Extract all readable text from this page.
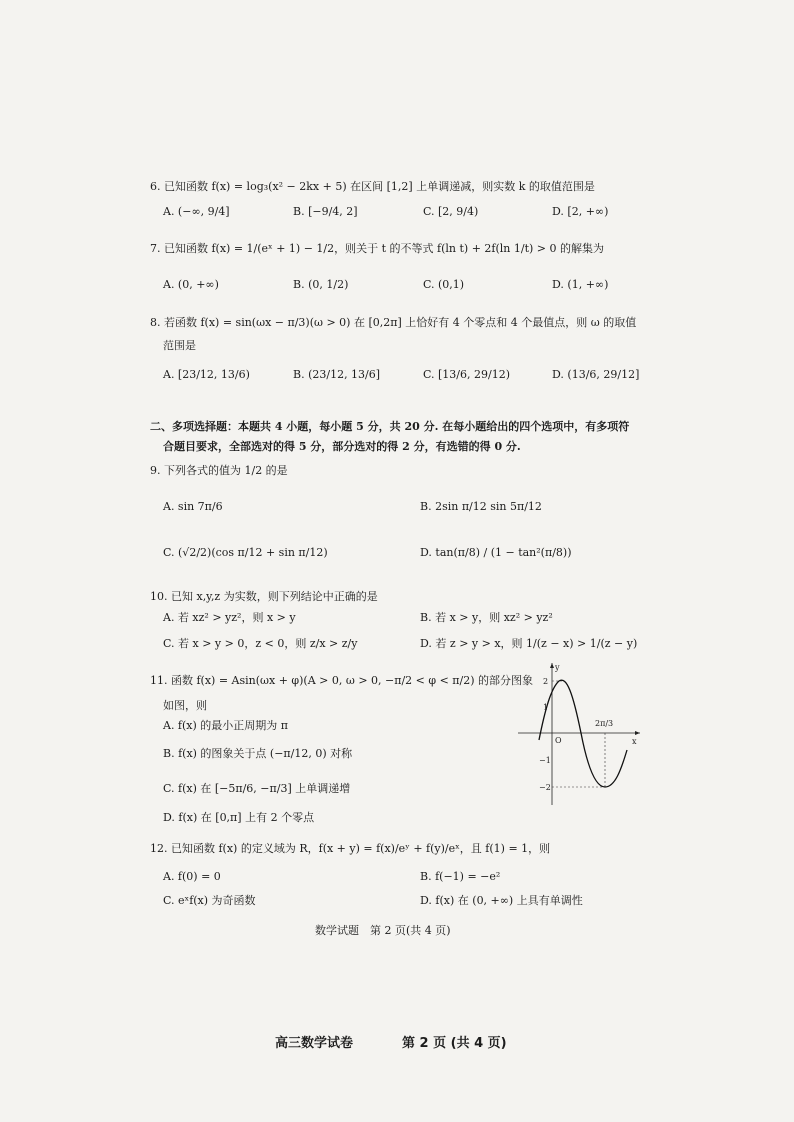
6. 已知函数 f(x) = log₃(x² − 2kx + 5) 在区间 [1,2] 上单调递减，则实数 k 的取值范围是
A. (−∞, 9/4]	B. [−9/4, 2]	C. [2, 9/4)	D. [2, +∞)
7. 已知函数 f(x) = 1/(eˣ + 1) − 1/2，则关于 t 的不等式 f(ln t) + 2f(ln 1/t) > 0 的解集为
A. (0, +∞)	B. (0, 1/2)	C. (0,1)	D. (1, +∞)
8. 若函数 f(x) = sin(ωx − π/3)(ω > 0) 在 [0,2π] 上恰好有 4 个零点和 4 个最值点，则 ω 的取值
范围是
A. [23/12, 13/6)	B. (23/12, 13/6]	C. [13/6, 29/12)	D. (13/6, 29/12]
二、多项选择题：本题共 4 小题，每小题 5 分，共 20 分. 在每小题给出的四个选项中，有多项符
合题目要求，全部选对的得 5 分，部分选对的得 2 分，有选错的得 0 分.
9. 下列各式的值为 1/2 的是
A. sin 7π/6	B. 2sin π/12 sin 5π/12
C. (√2/2)(cos π/12 + sin π/12)	D. tan(π/8) / (1 − tan²(π/8))
10. 已知 x,y,z 为实数，则下列结论中正确的是
A. 若 xz² > yz²，则 x > y	B. 若 x > y，则 xz² > yz²
C. 若 x > y > 0，z < 0，则 z/x > z/y	D. 若 z > y > x，则 1/(z − x) > 1/(z − y)
11. 函数 f(x) = Asin(ωx + φ)(A > 0, ω > 0, −π/2 < φ < π/2) 的部分图象
如图，则
A. f(x) 的最小正周期为 π
B. f(x) 的图象关于点 (−π/12, 0) 对称
C. f(x) 在 [−5π/6, −π/3] 上单调递增
D. f(x) 在 [0,π] 上有 2 个零点
y
x
O
2
1
−1
−2
2π/3
12. 已知函数 f(x) 的定义域为 R，f(x + y) = f(x)/eʸ + f(y)/eˣ，且 f(1) = 1，则
A. f(0) = 0	B. f(−1) = −e²
C. eˣf(x) 为奇函数	D. f(x) 在 (0, +∞) 上具有单调性
数学试题　第 2 页(共 4 页)
高三数学试卷	第 2 页 (共 4 页)
